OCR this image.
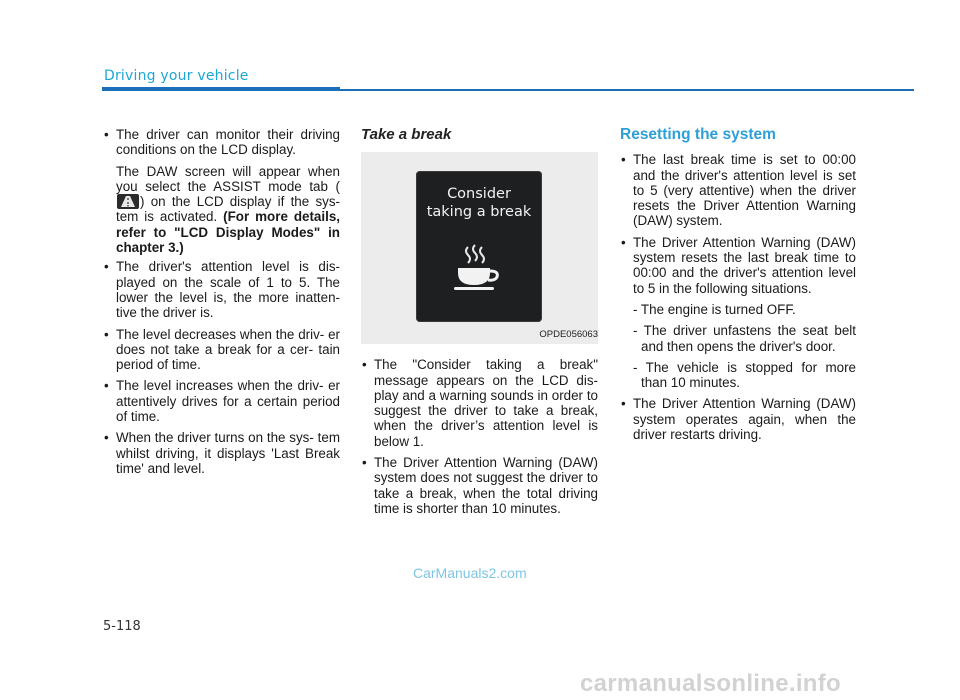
Driving your vehicle
• The driver can monitor their driving conditions on the LCD display.
The DAW screen will appear when you select the ASSIST mode tab (
) on the LCD display if the sys- tem is activated. (For more details, refer to "LCD Display Modes" in chapter 3.)
• The driver's attention level is dis- played on the scale of 1 to 5. The lower the level is, the more inatten- tive the driver is.
• The level decreases when the driv- er does not take a break for a cer- tain period of time.
• The level increases when the driv- er attentively drives for a certain period of time.
• When the driver turns on the sys- tem whilst driving, it displays 'Last Break time' and level.
Take a break
Consider
taking a break
OPDE056063
• The "Consider taking a break" message appears on the LCD dis- play and a warning sounds in order to suggest the driver to take a break, when the driver’s attention level is below 1.
• The Driver Attention Warning (DAW) system does not suggest the driver to take a break, when the total driving time is shorter than 10 minutes.
Resetting the system
• The last break time is set to 00:00 and the driver's attention level is set to 5 (very attentive) when the driver resets the Driver Attention Warning (DAW) system.
• The Driver Attention Warning (DAW) system resets the last break time to 00:00 and the driver's attention level to 5 in the following situations.
- The engine is turned OFF.
- The driver unfastens the seat belt and then opens the driver's door.
- The vehicle is stopped for more than 10 minutes.
• The Driver Attention Warning (DAW) system operates again, when the driver restarts driving.
CarManuals2.com
5-118
carmanualsonline.info
